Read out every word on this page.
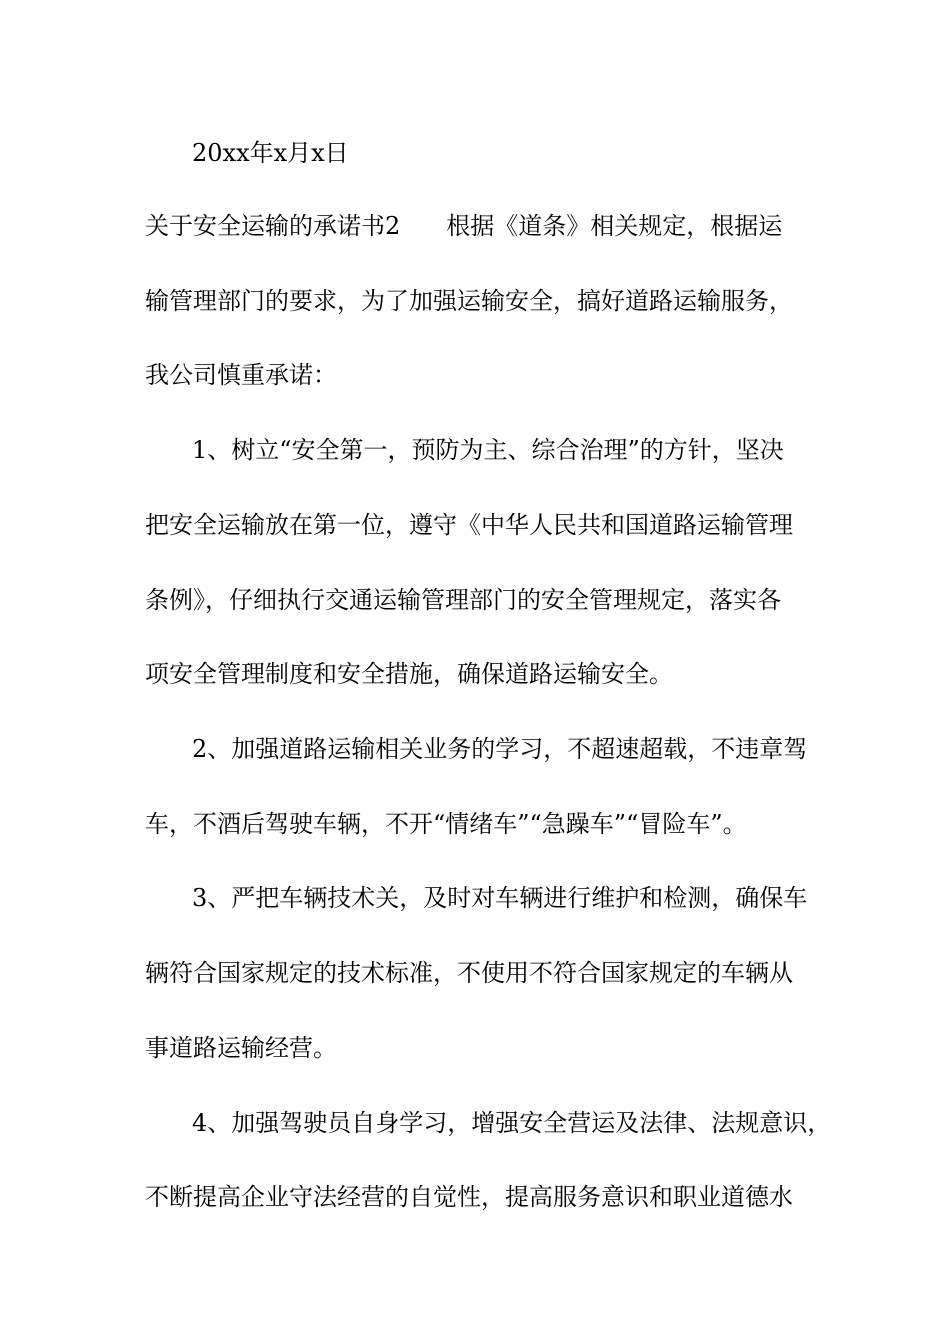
20xx年x月x日
关于安全运输的承诺书2 根据《道条》相关规定，根据运
输管理部门的要求，为了加强运输安全，搞好道路运输服务，
我公司慎重承诺：
1、树立“安全第一，预防为主、综合治理”的方针，坚决
把安全运输放在第一位，遵守《中华人民共和国道路运输管理
条例》，仔细执行交通运输管理部门的安全管理规定，落实各
项安全管理制度和安全措施，确保道路运输安全。
2、加强道路运输相关业务的学习，不超速超载，不违章驾
车，不酒后驾驶车辆，不开“情绪车”“急躁车”“冒险车”。
3、严把车辆技术关，及时对车辆进行维护和检测，确保车
辆符合国家规定的技术标准，不使用不符合国家规定的车辆从
事道路运输经营。
4、加强驾驶员自身学习，增强安全营运及法律、法规意识，
不断提高企业守法经营的自觉性，提高服务意识和职业道德水
